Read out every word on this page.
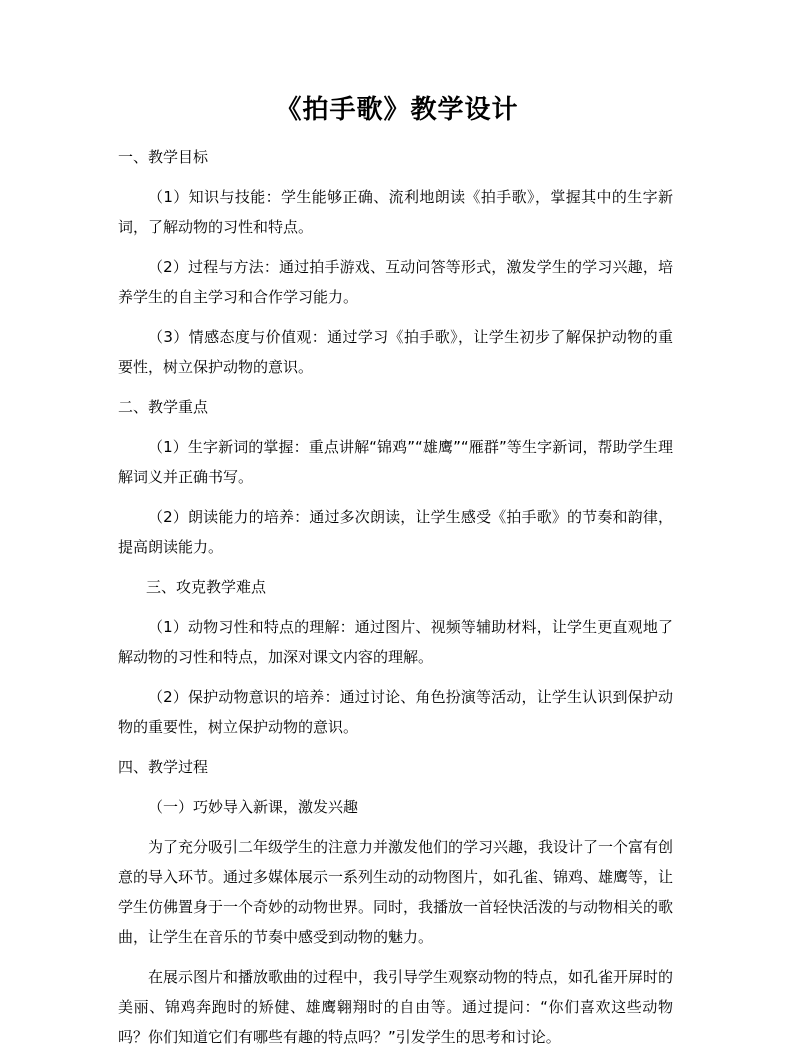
《拍手歌》教学设计

一、教学目标

（1）知识与技能：学生能够正确、流利地朗读《拍手歌》，掌握其中的生字新词，了解动物的习性和特点。

（2）过程与方法：通过拍手游戏、互动问答等形式，激发学生的学习兴趣，培养学生的自主学习和合作学习能力。

（3）情感态度与价值观：通过学习《拍手歌》，让学生初步了解保护动物的重要性，树立保护动物的意识。

二、教学重点

（1）生字新词的掌握：重点讲解“锦鸡”“雄鹰”“雁群”等生字新词，帮助学生理解词义并正确书写。

（2）朗读能力的培养：通过多次朗读，让学生感受《拍手歌》的节奏和韵律，提高朗读能力。

三、攻克教学难点

（1）动物习性和特点的理解：通过图片、视频等辅助材料，让学生更直观地了解动物的习性和特点，加深对课文内容的理解。

（2）保护动物意识的培养：通过讨论、角色扮演等活动，让学生认识到保护动物的重要性，树立保护动物的意识。

四、教学过程

（一）巧妙导入新课，激发兴趣

为了充分吸引二年级学生的注意力并激发他们的学习兴趣，我设计了一个富有创意的导入环节。通过多媒体展示一系列生动的动物图片，如孔雀、锦鸡、雄鹰等，让学生仿佛置身于一个奇妙的动物世界。同时，我播放一首轻快活泼的与动物相关的歌曲，让学生在音乐的节奏中感受到动物的魅力。

在展示图片和播放歌曲的过程中，我引导学生观察动物的特点，如孔雀开屏时的美丽、锦鸡奔跑时的矫健、雄鹰翱翔时的自由等。通过提问：“你们喜欢这些动物吗？你们知道它们有哪些有趣的特点吗？”引发学生的思考和讨论。
